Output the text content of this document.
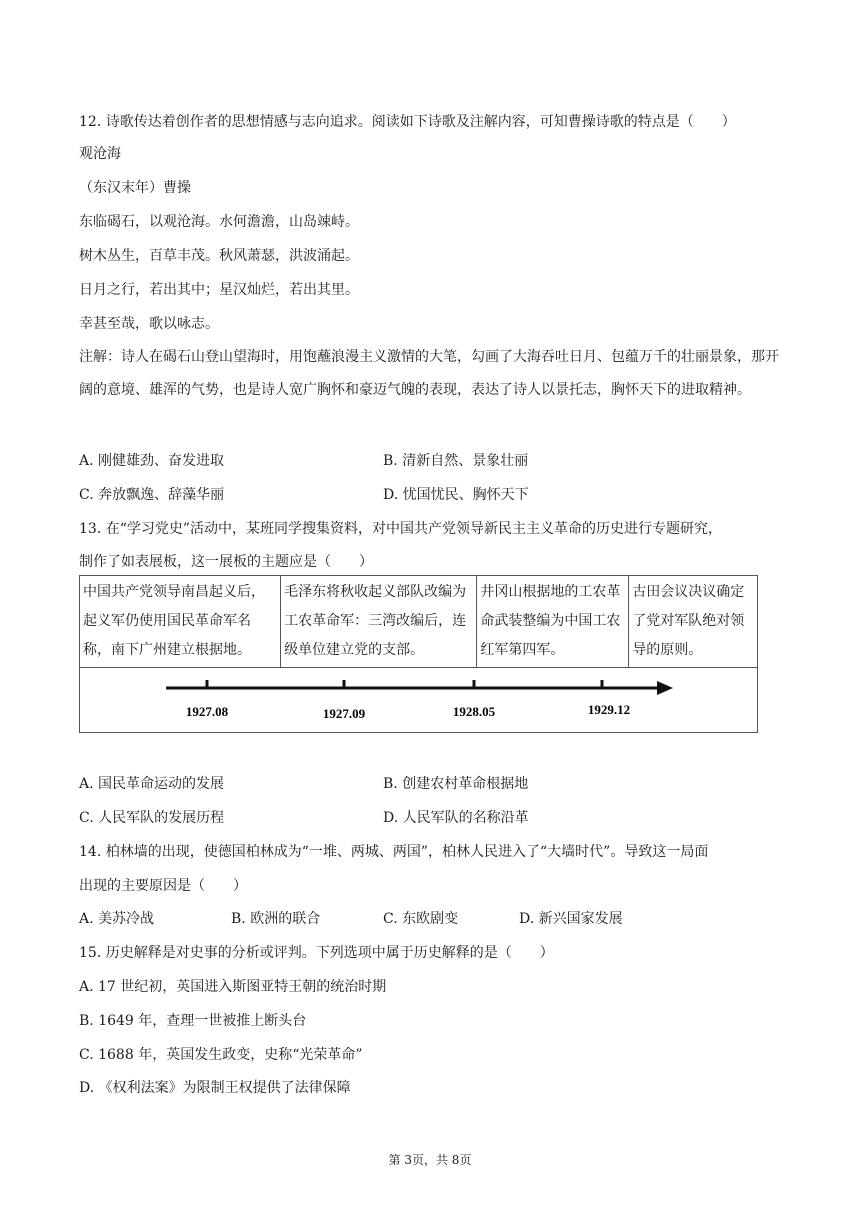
12. 诗歌传达着创作者的思想情感与志向追求。阅读如下诗歌及注解内容，可知曹操诗歌的特点是（　　）
观沧海
（东汉末年）曹操
东临碣石，以观沧海。水何澹澹，山岛竦峙。
树木丛生，百草丰茂。秋风萧瑟，洪波涌起。
日月之行，若出其中；星汉灿烂，若出其里。
幸甚至哉，歌以咏志。
注解：诗人在碣石山登山望海时，用饱蘸浪漫主义激情的大笔，勾画了大海吞吐日月、包蕴万千的壮丽景象，那开阔的意境、雄浑的气势，也是诗人宽广胸怀和豪迈气魄的表现，表达了诗人以景托志，胸怀天下的进取精神。
A. 刚健雄劲、奋发进取	B. 清新自然、景象壮丽
C. 奔放飘逸、辞藻华丽	D. 忧国忧民、胸怀天下
13. 在“学习党史”活动中，某班同学搜集资料，对中国共产党领导新民主主义革命的历史进行专题研究，
制作了如表展板，这一展板的主题应是（　　）
中国共产党领导南昌起义后，起义军仍使用国民革命军名称，南下广州建立根据地。	毛泽东将秋收起义部队改编为工农革命军：三湾改编后，连级单位建立党的支部。	井冈山根据地的工农革命武装整编为中国工农红军第四军。	古田会议决议确定了党对军队绝对领导的原则。

1927.08	1927.09	1928.05	1929.12
A. 国民革命运动的发展	B. 创建农村革命根据地
C. 人民军队的发展历程	D. 人民军队的名称沿革
14. 柏林墙的出现，使德国柏林成为“一堆、两城、两国”，柏林人民进入了“大墙时代”。导致这一局面
出现的主要原因是（　　）
A. 美苏冷战	B. 欧洲的联合	C. 东欧剧变	D. 新兴国家发展
15. 历史解释是对史事的分析或评判。下列选项中属于历史解释的是（　　）
A. 17 世纪初，英国进入斯图亚特王朝的统治时期
B. 1649 年，查理一世被推上断头台
C. 1688 年，英国发生政变，史称“光荣革命”
D. 《权利法案》为限制王权提供了法律保障
第 3页，共 8页
